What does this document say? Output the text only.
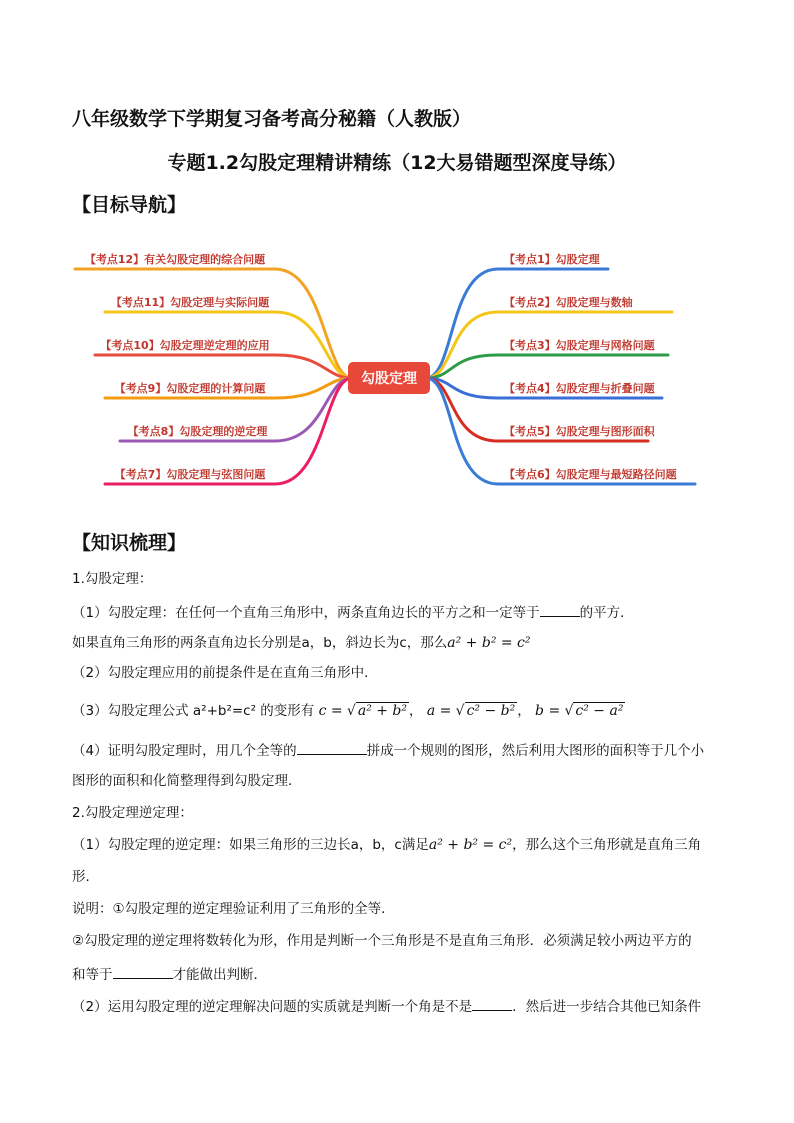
八年级数学下学期复习备考高分秘籍（人教版）
专题1.2勾股定理精讲精练（12大易错题型深度导练）
【目标导航】
【考点12】有关勾股定理的综合问题
【考点11】勾股定理与实际问题
【考点10】勾股定理逆定理的应用
【考点9】勾股定理的计算问题
【考点8】勾股定理的逆定理
【考点7】勾股定理与弦图问题
【考点1】勾股定理
【考点2】勾股定理与数轴
【考点3】勾股定理与网格问题
【考点4】勾股定理与折叠问题
【考点5】勾股定理与图形面积
【考点6】勾股定理与最短路径问题
勾股定理
【知识梳理】
1.勾股定理：
（1）勾股定理：在任何一个直角三角形中，两条直角边长的平方之和一定等于	的平方．
如果直角三角形的两条直角边长分别是a，b，斜边长为c，那么a² + b² = c²
（2）勾股定理应用的前提条件是在直角三角形中．
（3）勾股定理公式 a²+b²=c² 的变形有 c = √ a² + b² ， a = √ c² − b² ， b = √ c² − a²
（4）证明勾股定理时，用几个全等的	拼成一个规则的图形，然后利用大图形的面积等于几个小
图形的面积和化简整理得到勾股定理．
2.勾股定理逆定理：
（1）勾股定理的逆定理：如果三角形的三边长a，b，c满足a² + b² = c²，那么这个三角形就是直角三角
形．
说明：①勾股定理的逆定理验证利用了三角形的全等．
②勾股定理的逆定理将数转化为形，作用是判断一个三角形是不是直角三角形．必须满足较小两边平方的
和等于	才能做出判断．
（2）运用勾股定理的逆定理解决问题的实质就是判断一个角是不是	．然后进一步结合其他已知条件
